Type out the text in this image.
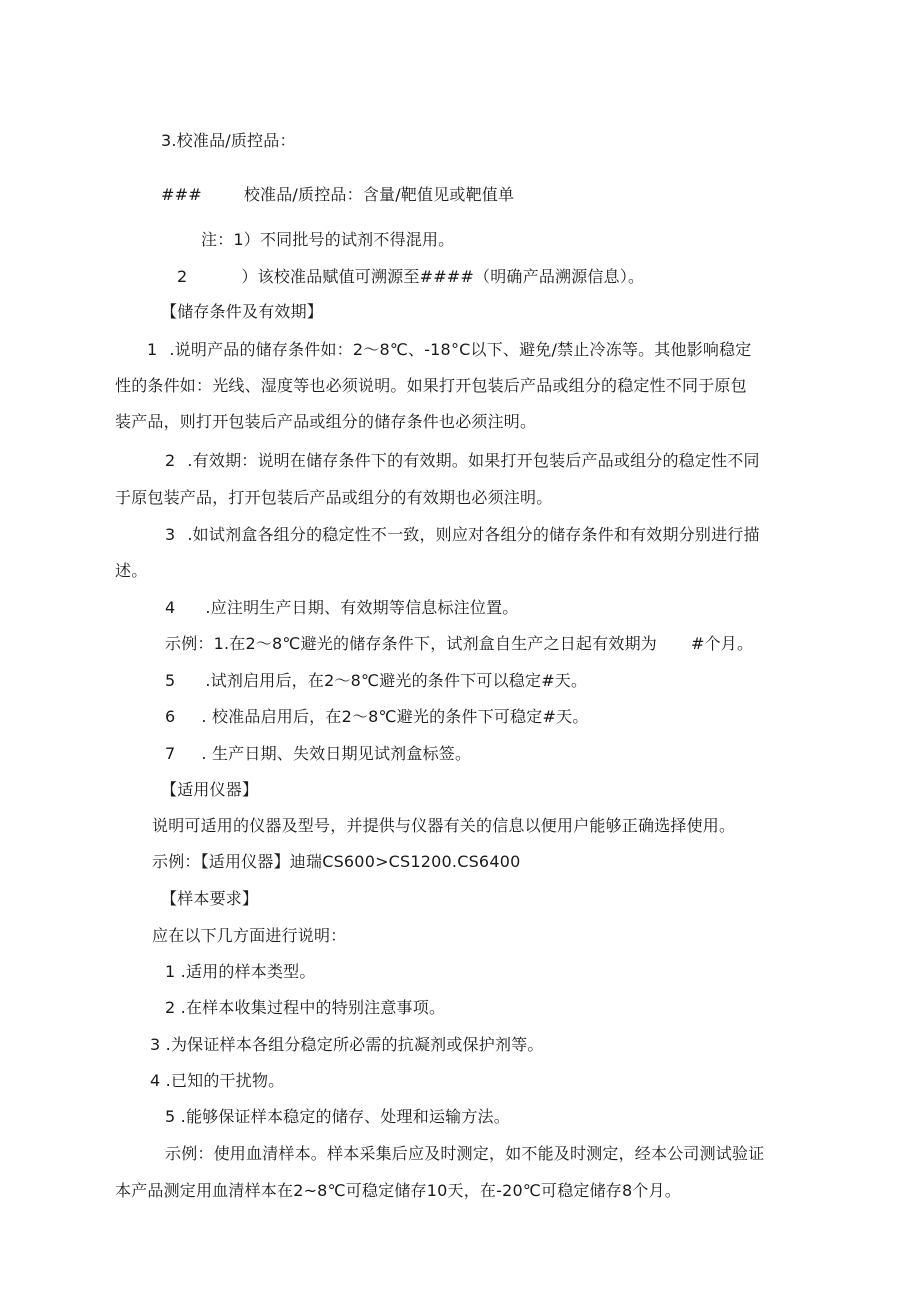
3.校准品/质控品：
###	校准品/质控品：含量/靶值见或靶值单
注：1）不同批号的试剂不得混用。
2	）该校准品赋值可溯源至####（明确产品溯源信息）。
【储存条件及有效期】
1 .说明产品的储存条件如：2～8℃、-18°C以下、避免/禁止冷冻等。其他影响稳定
性的条件如：光线、湿度等也必须说明。如果打开包装后产品或组分的稳定性不同于原包
装产品，则打开包装后产品或组分的储存条件也必须注明。
2 .有效期：说明在储存条件下的有效期。如果打开包装后产品或组分的稳定性不同
于原包装产品，打开包装后产品或组分的有效期也必须注明。
3 .如试剂盒各组分的稳定性不一致，则应对各组分的储存条件和有效期分别进行描
述。
4 .应注明生产日期、有效期等信息标注位置。
示例：1.在2～8℃避光的储存条件下，试剂盒自生产之日起有效期为 #个月。
5 .试剂启用后，在2～8℃避光的条件下可以稳定#天。
6 . 校准品启用后，在2～8℃避光的条件下可稳定#天。
7 . 生产日期、失效日期见试剂盒标签。
【适用仪器】
说明可适用的仪器及型号，并提供与仪器有关的信息以便用户能够正确选择使用。
示例：【适用仪器】迪瑞CS600>CS1200.CS6400
【样本要求】
应在以下几方面进行说明：
1 .适用的样本类型。
2 .在样本收集过程中的特别注意事项。
3 .为保证样本各组分稳定所必需的抗凝剂或保护剂等。
4 .已知的干扰物。
5 .能够保证样本稳定的储存、处理和运输方法。
示例：使用血清样本。样本采集后应及时测定，如不能及时测定，经本公司测试验证
本产品测定用血清样本在2~8℃可稳定储存10天，在-20℃可稳定储存8个月。
